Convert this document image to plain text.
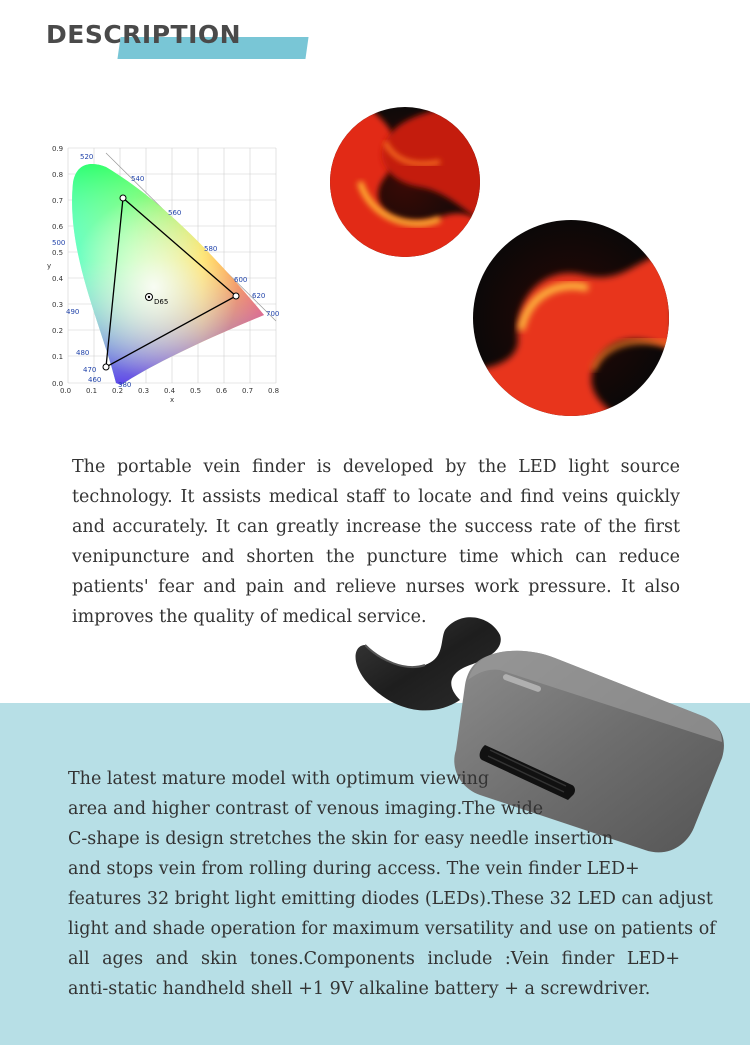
DESCRIPTION
D65
520
540
560
580
600
620
700
500
490
480
470
460
380
0.0 0.1 0.2 0.3 0.4 0.5 0.6 0.7 0.8
x
0.0
0.1
0.2
0.3
0.4
0.5
0.6
0.7
0.8
0.9
y

The portable vein finder is developed by the LED light source technology. It assists medical staff to locate and find veins quickly and accurately. It can greatly increase the success rate of the first venipuncture and shorten the puncture time which can reduce patients' fear and pain and relieve nurses work pressure. It also improves the quality of medical service.

The latest mature model with optimum viewing
area and higher contrast of venous imaging.The wide
C-shape is design stretches the skin for easy needle insertion
and stops vein from rolling during access. The vein finder LED+
features 32 bright light emitting diodes (LEDs).These 32 LED can adjust
light and shade operation for maximum versatility and use on patients of
all ages and skin tones.Components include :Vein finder LED+
anti-static handheld shell +1 9V alkaline battery + a screwdriver.
